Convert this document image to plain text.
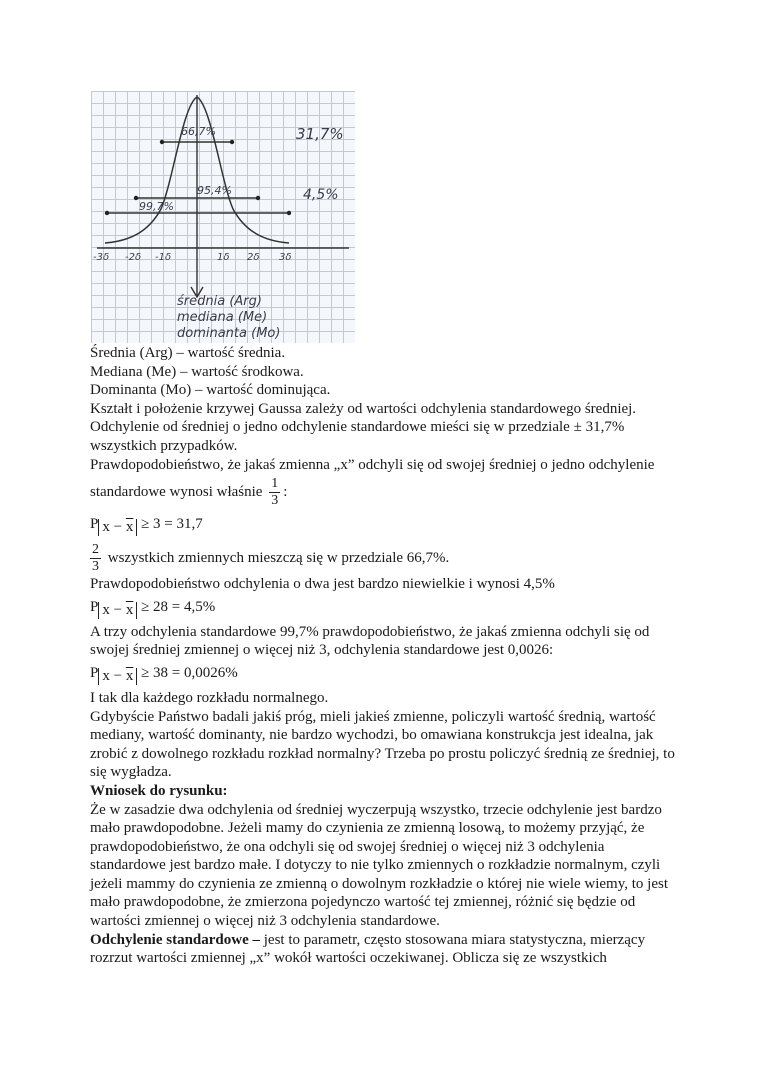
66,7%	31,7%
95,4%	4,5%
99,7%
-3δ -2δ -1δ	1δ 2δ 3δ
średnia (Arg)
mediana (Me)
dominanta (Mo)

Średnia (Arg) – wartość średnia.

Mediana (Me) – wartość środkowa.

Dominanta (Mo) – wartość dominująca.

Kształt i położenie krzywej Gaussa zależy od wartości odchylenia standardowego średniej. Odchylenie od średniej o jedno odchylenie standardowe mieści się w przedziale ± 31,7% wszystkich przypadków.

Prawdopodobieństwo, że jakaś zmienna „x” odchyli się od swojej średniej o jedno odchylenie

standardowe wynosi właśnie $\frac{1}{3}$ :

P $x - \overline{x} \ge 3 = 31,7$

$\frac{2}{3}$ wszystkich zmiennych mieszczą się w przedziale 66,7%.

Prawdopodobieństwo odchylenia o dwa jest bardzo niewielkie i wynosi 4,5%

P $x - \overline{x} \ge 28 = 4,5\%$

A trzy odchylenia standardowe 99,7% prawdopodobieństwo, że jakaś zmienna odchyli się od swojej średniej zmiennej o więcej niż 3, odchylenia standardowe jest 0,0026:

P $x - \overline{x} \ge 38 = 0,0026\%$

I tak dla każdego rozkładu normalnego.

Gdybyście Państwo badali jakiś próg, mieli jakieś zmienne, policzyli wartość średnią, wartość mediany, wartość dominanty, nie bardzo wychodzi, bo omawiana konstrukcja jest idealna, jak zrobić z dowolnego rozkładu rozkład normalny? Trzeba po prostu policzyć średnią ze średniej, to się wygładza.

Wniosek do rysunku:

Że w zasadzie dwa odchylenia od średniej wyczerpują wszystko, trzecie odchylenie jest bardzo mało prawdopodobne. Jeżeli mamy do czynienia ze zmienną losową, to możemy przyjąć, że prawdopodobieństwo, że ona odchyli się od swojej średniej o więcej niż 3 odchylenia standardowe jest bardzo małe. I dotyczy to nie tylko zmiennych o rozkładzie normalnym, czyli jeżeli mammy do czynienia ze zmienną o dowolnym rozkładzie o której nie wiele wiemy, to jest mało prawdopodobne, że zmierzona pojedynczo wartość tej zmiennej, różnić się będzie od wartości zmiennej o więcej niż 3 odchylenia standardowe.

Odchylenie standardowe – jest to parametr, często stosowana miara statystyczna, mierzący rozrzut wartości zmiennej „x” wokół wartości oczekiwanej. Oblicza się ze wszystkich
